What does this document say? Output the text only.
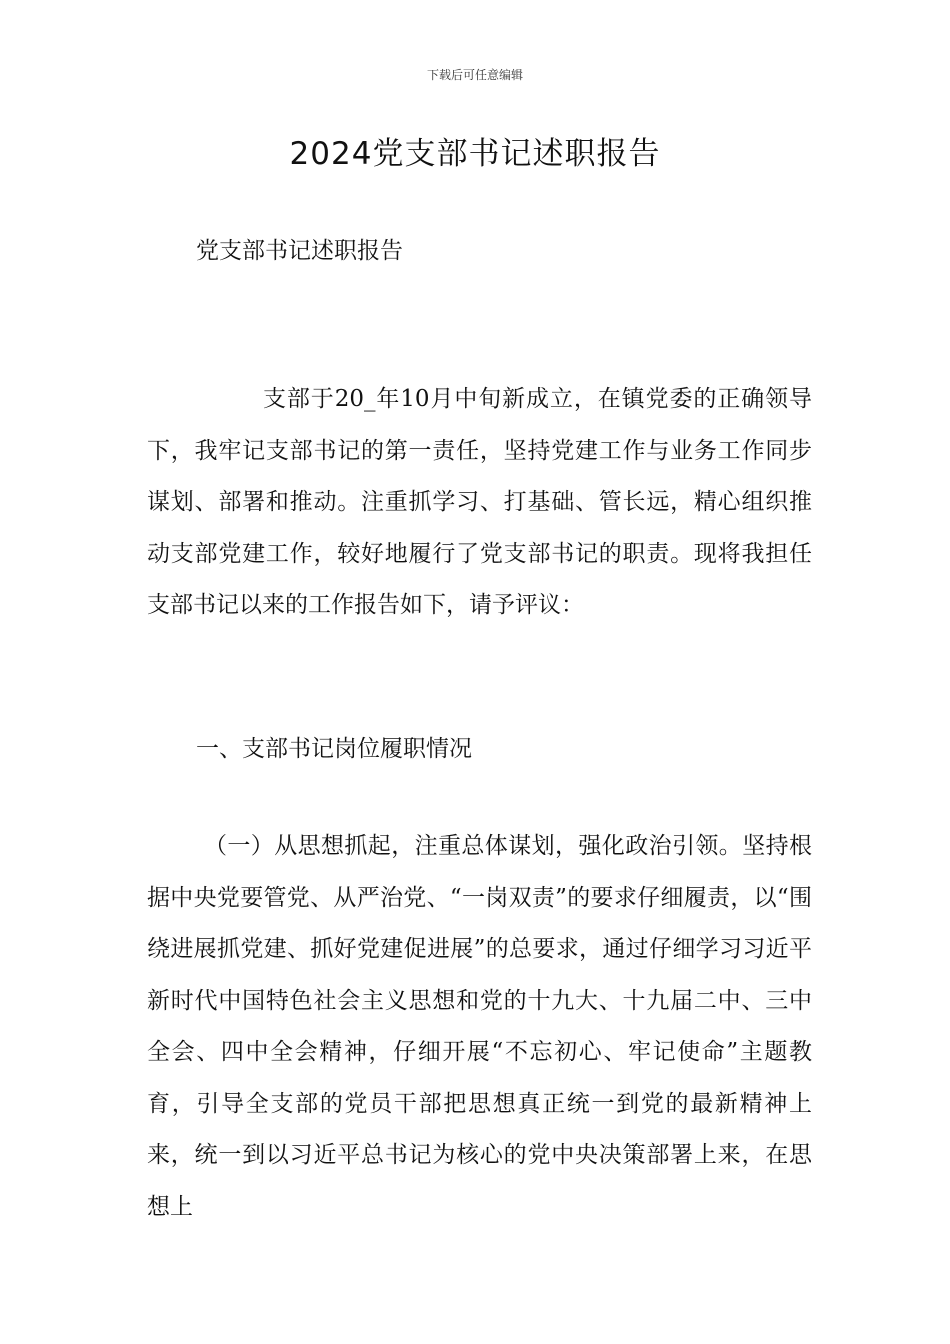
下载后可任意编辑
2024党支部书记述职报告
党支部书记述职报告
支部于20_年10月中旬新成立，在镇党委的正确领导下，我牢记支部书记的第一责任，坚持党建工作与业务工作同步谋划、部署和推动。注重抓学习、打基础、管长远，精心组织推动支部党建工作，较好地履行了党支部书记的职责。现将我担任支部书记以来的工作报告如下，请予评议：
一、支部书记岗位履职情况
（一）从思想抓起，注重总体谋划，强化政治引领。坚持根据中央党要管党、从严治党、“一岗双责”的要求仔细履责，以“围绕进展抓党建、抓好党建促进展”的总要求，通过仔细学习习近平新时代中国特色社会主义思想和党的十九大、十九届二中、三中全会、四中全会精神，仔细开展“不忘初心、牢记使命”主题教育，引导全支部的党员干部把思想真正统一到党的最新精神上来，统一到以习近平总书记为核心的党中央决策部署上来，在思想上
